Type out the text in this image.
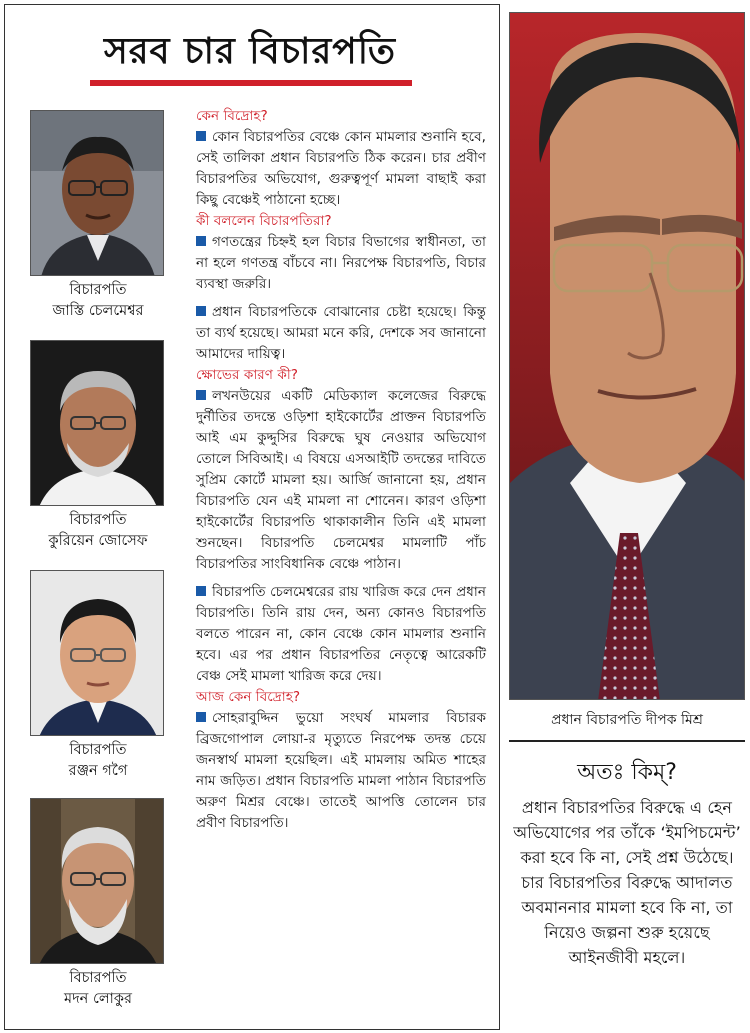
সরব চার বিচারপতি
বিচারপতি
জাস্তি চেলমেশ্বর
বিচারপতি
কুরিয়েন জোসেফ
বিচারপতি
রঞ্জন গগৈ
বিচারপতি
মদন লোকুর
কেন বিদ্রোহ?
কোন বিচারপতির বেঞ্চে কোন মামলার শুনানি হবে, সেই তালিকা প্রধান বিচারপতি ঠিক করেন। চার প্রবীণ বিচারপতির অভিযোগ, গুরুত্বপূর্ণ মামলা বাছাই করা কিছু বেঞ্চেই পাঠানো হচ্ছে।
কী বললেন বিচারপতিরা?
গণতন্ত্রের চিহ্নই হল বিচার বিভাগের স্বাধীনতা, তা না হলে গণতন্ত্র বাঁচবে না। নিরপেক্ষ বিচারপতি, বিচার ব্যবস্থা জরুরি।
প্রধান বিচারপতিকে বোঝানোর চেষ্টা হয়েছে। কিন্তু তা ব্যর্থ হয়েছে। আমরা মনে করি, দেশকে সব জানানো আমাদের দায়িত্ব।
ক্ষোভের কারণ কী?
লখনউয়ের একটি মেডিক্যাল কলেজের বিরুদ্ধে দুর্নীতির তদন্তে ওড়িশা হাইকোর্টের প্রাক্তন বিচারপতি আই এম কুদ্দুসির বিরুদ্ধে ঘুষ নেওয়ার অভিযোগ তোলে সিবিআই। এ বিষয়ে এসআইটি তদন্তের দাবিতে সুপ্রিম কোর্টে মামলা হয়। আর্জি জানানো হয়, প্রধান বিচারপতি যেন এই মামলা না শোনেন। কারণ ওড়িশা হাইকোর্টের বিচারপতি থাকাকালীন তিনি এই মামলা শুনছেন। বিচারপতি চেলমেশ্বর মামলাটি পাঁচ বিচারপতির সাংবিধানিক বেঞ্চে পাঠান।
বিচারপতি চেলমেশ্বরের রায় খারিজ করে দেন প্রধান বিচারপতি। তিনি রায় দেন, অন্য কোনও বিচারপতি বলতে পারেন না, কোন বেঞ্চে কোন মামলার শুনানি হবে। এর পর প্রধান বিচারপতির নেতৃত্বে আরেকটি বেঞ্চ সেই মামলা খারিজ করে দেয়।
আজ কেন বিদ্রোহ?
সোহরাবুদ্দিন ভুয়ো সংঘর্ষ মামলার বিচারক ব্রিজগোপাল লোয়া-র মৃত্যুতে নিরপেক্ষ তদন্ত চেয়ে জনস্বার্থ মামলা হয়েছিল। এই মামলায় অমিত শাহের নাম জড়িত। প্রধান বিচারপতি মামলা পাঠান বিচারপতি অরুণ মিশ্রর বেঞ্চে। তাতেই আপত্তি তোলেন চার প্রবীণ বিচারপতি।
প্রধান বিচারপতি দীপক মিশ্র
অতঃ কিম্?
প্রধান বিচারপতির বিরুদ্ধে এ হেন অভিযোগের পর তাঁকে ‘ইমপিচমেন্ট’ করা হবে কি না, সেই প্রশ্ন উঠেছে। চার বিচারপতির বিরুদ্ধে আদালত অবমাননার মামলা হবে কি না, তা নিয়েও জল্পনা শুরু হয়েছে আইনজীবী মহলে।
